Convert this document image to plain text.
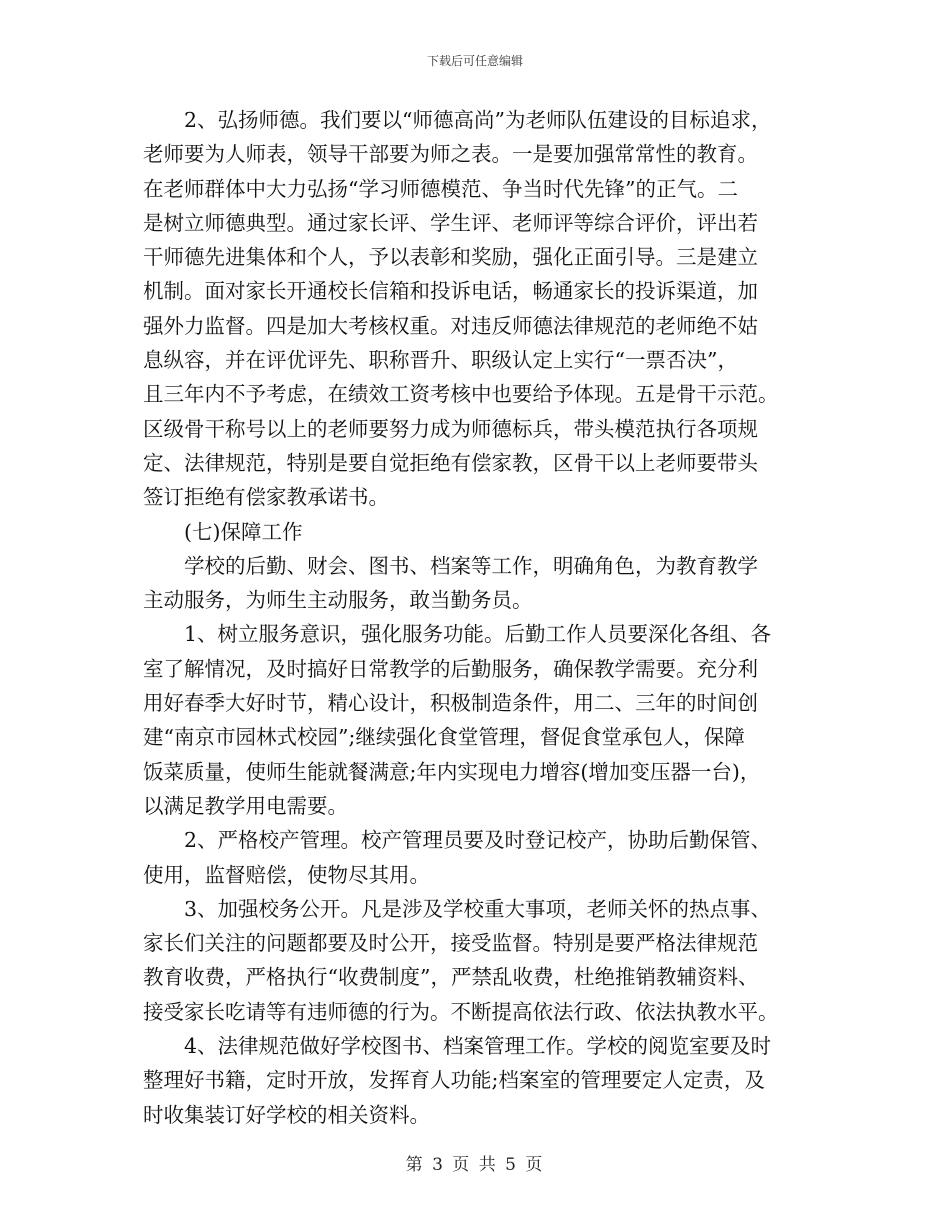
下载后可任意编辑

　　2、弘扬师德。我们要以“师德高尚”为老师队伍建设的目标追求，

老师要为人师表，领导干部要为师之表。一是要加强常常性的教育。

在老师群体中大力弘扬“学习师德模范、争当时代先锋”的正气。二

是树立师德典型。通过家长评、学生评、老师评等综合评价，评出若

干师德先进集体和个人，予以表彰和奖励，强化正面引导。三是建立

机制。面对家长开通校长信箱和投诉电话，畅通家长的投诉渠道，加

强外力监督。四是加大考核权重。对违反师德法律规范的老师绝不姑

息纵容，并在评优评先、职称晋升、职级认定上实行“一票否决”，

且三年内不予考虑，在绩效工资考核中也要给予体现。五是骨干示范。

区级骨干称号以上的老师要努力成为师德标兵，带头模范执行各项规

定、法律规范，特别是要自觉拒绝有偿家教，区骨干以上老师要带头

签订拒绝有偿家教承诺书。

　　(七)保障工作

　　学校的后勤、财会、图书、档案等工作，明确角色，为教育教学

主动服务，为师生主动服务，敢当勤务员。

　　1、树立服务意识，强化服务功能。后勤工作人员要深化各组、各

室了解情况，及时搞好日常教学的后勤服务，确保教学需要。充分利

用好春季大好时节，精心设计，积极制造条件，用二、三年的时间创

建“南京市园林式校园”;继续强化食堂管理，督促食堂承包人，保障

饭菜质量，使师生能就餐满意;年内实现电力增容(增加变压器一台)，

以满足教学用电需要。

　　2、严格校产管理。校产管理员要及时登记校产，协助后勤保管、

使用，监督赔偿，使物尽其用。

　　3、加强校务公开。凡是涉及学校重大事项，老师关怀的热点事、

家长们关注的问题都要及时公开，接受监督。特别是要严格法律规范

教育收费，严格执行“收费制度”，严禁乱收费，杜绝推销教辅资料、

接受家长吃请等有违师德的行为。不断提高依法行政、依法执教水平。

　　4、法律规范做好学校图书、档案管理工作。学校的阅览室要及时

整理好书籍，定时开放，发挥育人功能;档案室的管理要定人定责，及

时收集装订好学校的相关资料。

第 3 页 共 5 页
